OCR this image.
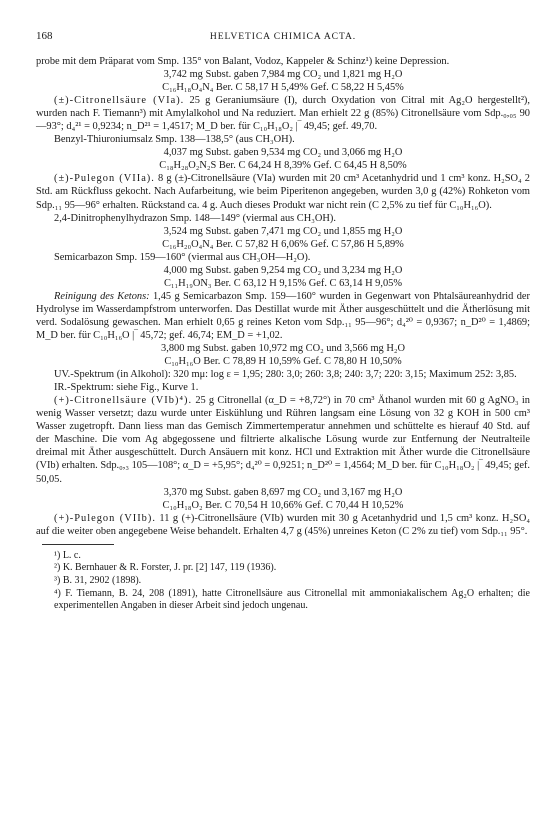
168	HELVETICA CHIMICA ACTA.

probe mit dem Präparat vom Smp. 135° von Balant, Vodoz, Kappeler & Schinz¹) keine Depression.

3,742 mg Subst. gaben 7,984 mg CO₂ und 1,821 mg H₂O

C₁₆H₁₈O₄N₄ Ber. C 58,17 H 5,49% Gef. C 58,22 H 5,45%

(±)-Citronellsäure (VIa). 25 g Geraniumsäure (I), durch Oxydation von Citral mit Ag₂O hergestellt²), wurden nach F. Tiemann³) mit Amylalkohol und Na reduziert. Man erhielt 22 g (85%) Citronellsäure vom Sdp.₀,₀₅ 90—93°; d₄²¹ = 0,9234; n_D²¹ = 1,4517; M_D ber. für C₁₀H₁₈O₂ |‾ 49,45; gef. 49,70.

Benzyl-Thiuroniumsalz Smp. 138—138,5° (aus CH₃OH).

4,037 mg Subst. gaben 9,534 mg CO₂ und 3,066 mg H₂O

C₁₈H₂₈O₂N₂S Ber. C 64,24 H 8,39% Gef. C 64,45 H 8,50%

(±)-Pulegon (VIIa). 8 g (±)-Citronellsäure (VIa) wurden mit 20 cm³ Acetanhydrid und 1 cm³ konz. H₂SO₄ 2 Std. am Rückfluss gekocht. Nach Aufarbeitung, wie beim Piperitenon angegeben, wurden 3,0 g (42%) Rohketon vom Sdp.₁₁ 95—96° erhalten. Rückstand ca. 4 g. Auch dieses Produkt war nicht rein (C 2,5% zu tief für C₁₀H₁₆O).

2,4-Dinitrophenylhydrazon Smp. 148—149° (viermal aus CH₃OH).

3,524 mg Subst. gaben 7,471 mg CO₂ und 1,855 mg H₂O

C₁₆H₂₀O₄N₄ Ber. C 57,82 H 6,06% Gef. C 57,86 H 5,89%

Semicarbazon Smp. 159—160° (viermal aus CH₃OH—H₂O).

4,000 mg Subst. gaben 9,254 mg CO₂ und 3,234 mg H₂O

C₁₁H₁₉ON₃ Ber. C 63,12 H 9,15% Gef. C 63,14 H 9,05%

Reinigung des Ketons: 1,45 g Semicarbazon Smp. 159—160° wurden in Gegenwart von Phtalsäureanhydrid der Hydrolyse im Wasserdampfstrom unterworfen. Das Destillat wurde mit Äther ausgeschüttelt und die Ätherlösung mit verd. Sodalösung gewaschen. Man erhielt 0,65 g reines Keton vom Sdp.₁₁ 95—96°; d₄²⁰ = 0,9367; n_D²⁰ = 1,4869; M_D ber. für C₁₀H₁₆O |‾ 45,72; gef. 46,74; EM_D = +1,02.

3,800 mg Subst. gaben 10,972 mg CO₂ und 3,566 mg H₂O

C₁₀H₁₆O Ber. C 78,89 H 10,59% Gef. C 78,80 H 10,50%

UV.-Spektrum (in Alkohol): 320 mμ: log ε = 1,95; 280: 3,0; 260: 3,8; 240: 3,7; 220: 3,15; Maximum 252: 3,85.

IR.-Spektrum: siehe Fig., Kurve 1.

(+)-Citronellsäure (VIb)⁴). 25 g Citronellal (α_D = +8,72°) in 70 cm³ Äthanol wurden mit 60 g AgNO₃ in wenig Wasser versetzt; dazu wurde unter Eiskühlung und Rühren langsam eine Lösung von 32 g KOH in 500 cm³ Wasser zugetropft. Dann liess man das Gemisch Zimmertemperatur annehmen und schüttelte es hierauf 40 Std. auf der Maschine. Die vom Ag abgegossene und filtrierte alkalische Lösung wurde zur Entfernung der Neutralteile dreimal mit Äther ausgeschüttelt. Durch Ansäuern mit konz. HCl und Extraktion mit Äther wurde die Citronellsäure (VIb) erhalten. Sdp.₀,₃ 105—108°; α_D = +5,95°; d₄²⁰ = 0,9251; n_D²⁰ = 1,4564; M_D ber. für C₁₀H₁₈O₂ |‾ 49,45; gef. 50,05.

3,370 mg Subst. gaben 8,697 mg CO₂ und 3,167 mg H₂O

C₁₀H₁₈O₂ Ber. C 70,54 H 10,66% Gef. C 70,44 H 10,52%

(+)-Pulegon (VIIb). 11 g (+)-Citronellsäure (VIb) wurden mit 30 g Acetanhydrid und 1,5 cm³ konz. H₂SO₄ auf die weiter oben angegebene Weise behandelt. Erhalten 4,7 g (45%) unreines Keton (C 2% zu tief) vom Sdp.₁₁ 95°.

¹) L. c.

²) K. Bernhauer & R. Forster, J. pr. [2] 147, 119 (1936).

³) B. 31, 2902 (1898).

⁴) F. Tiemann, B. 24, 208 (1891), hatte Citronellsäure aus Citronellal mit ammoniakalischem Ag₂O erhalten; die experimentellen Angaben in dieser Arbeit sind jedoch ungenau.
